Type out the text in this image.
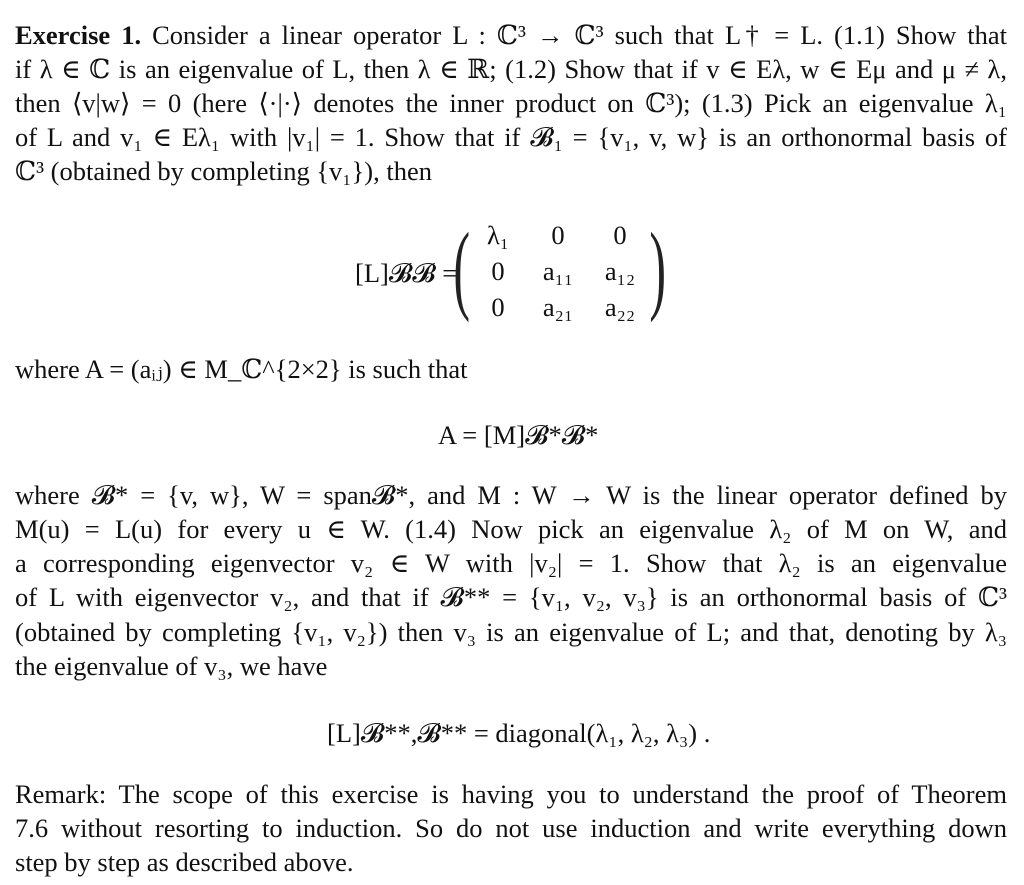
Exercise 1. Consider a linear operator L : ℂ³ → ℂ³ such that L† = L. (1.1) Show that
if λ ∈ ℂ is an eigenvalue of L, then λ ∈ ℝ; (1.2) Show that if v ∈ Eλ, w ∈ Eμ and μ ≠ λ,
then ⟨v|w⟩ = 0 (here ⟨·|·⟩ denotes the inner product on ℂ³); (1.3) Pick an eigenvalue λ₁
of L and v₁ ∈ Eλ₁ with |v₁| = 1. Show that if 𝓑₁ = {v₁, v, w} is an orthonormal basis of
ℂ³ (obtained by completing {v₁}), then
[L]𝓑𝓑 =
( )
λ₁	0	0
0	a₁₁	a₁₂
0	a₂₁	a₂₂
where A = (aᵢⱼ) ∈ M_ℂ^{2×2} is such that
A = [M]𝓑*𝓑*
where 𝓑* = {v, w}, W = span𝓑*, and M : W → W is the linear operator defined by
M(u) = L(u) for every u ∈ W. (1.4) Now pick an eigenvalue λ₂ of M on W, and
a corresponding eigenvector v₂ ∈ W with |v₂| = 1. Show that λ₂ is an eigenvalue
of L with eigenvector v₂, and that if 𝓑** = {v₁, v₂, v₃} is an orthonormal basis of ℂ³
(obtained by completing {v₁, v₂}) then v₃ is an eigenvalue of L; and that, denoting by λ₃
the eigenvalue of v₃, we have
[L]𝓑**,𝓑** = diagonal(λ₁, λ₂, λ₃) .
Remark: The scope of this exercise is having you to understand the proof of Theorem
7.6 without resorting to induction. So do not use induction and write everything down
step by step as described above.
